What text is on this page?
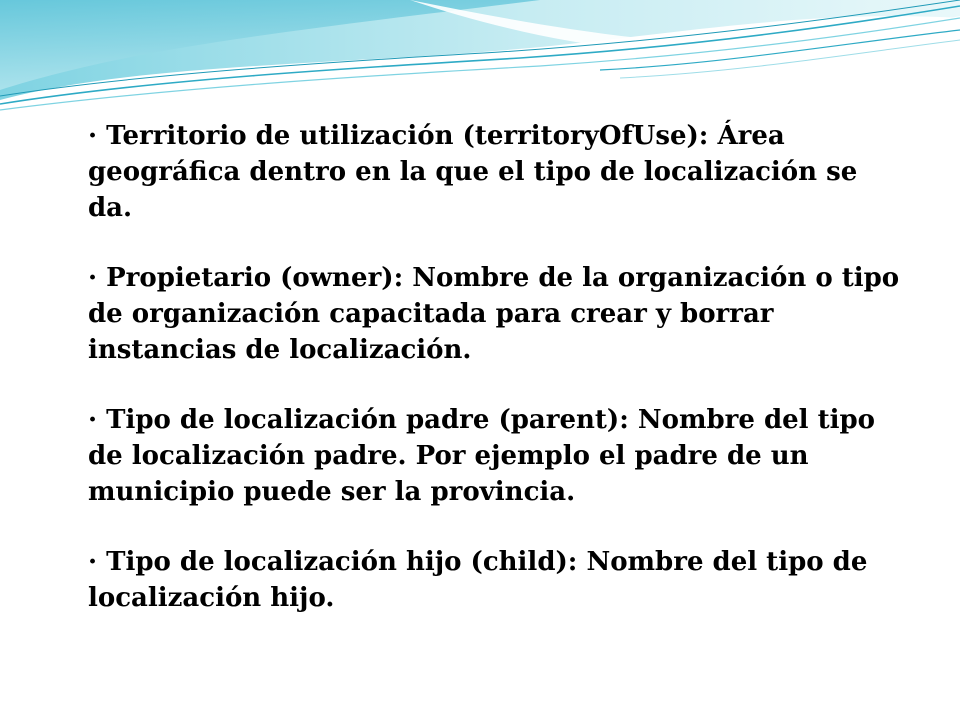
· Territorio de utilización (territoryOfUse): Área geográfica dentro en la que el tipo de localización se da.

· Propietario (owner): Nombre de la organización o tipo de organización capacitada para crear y borrar instancias de localización.

· Tipo de localización padre (parent): Nombre del tipo de localización padre. Por ejemplo el padre de un municipio puede ser la provincia.

· Tipo de localización hijo (child): Nombre del tipo de localización hijo.
